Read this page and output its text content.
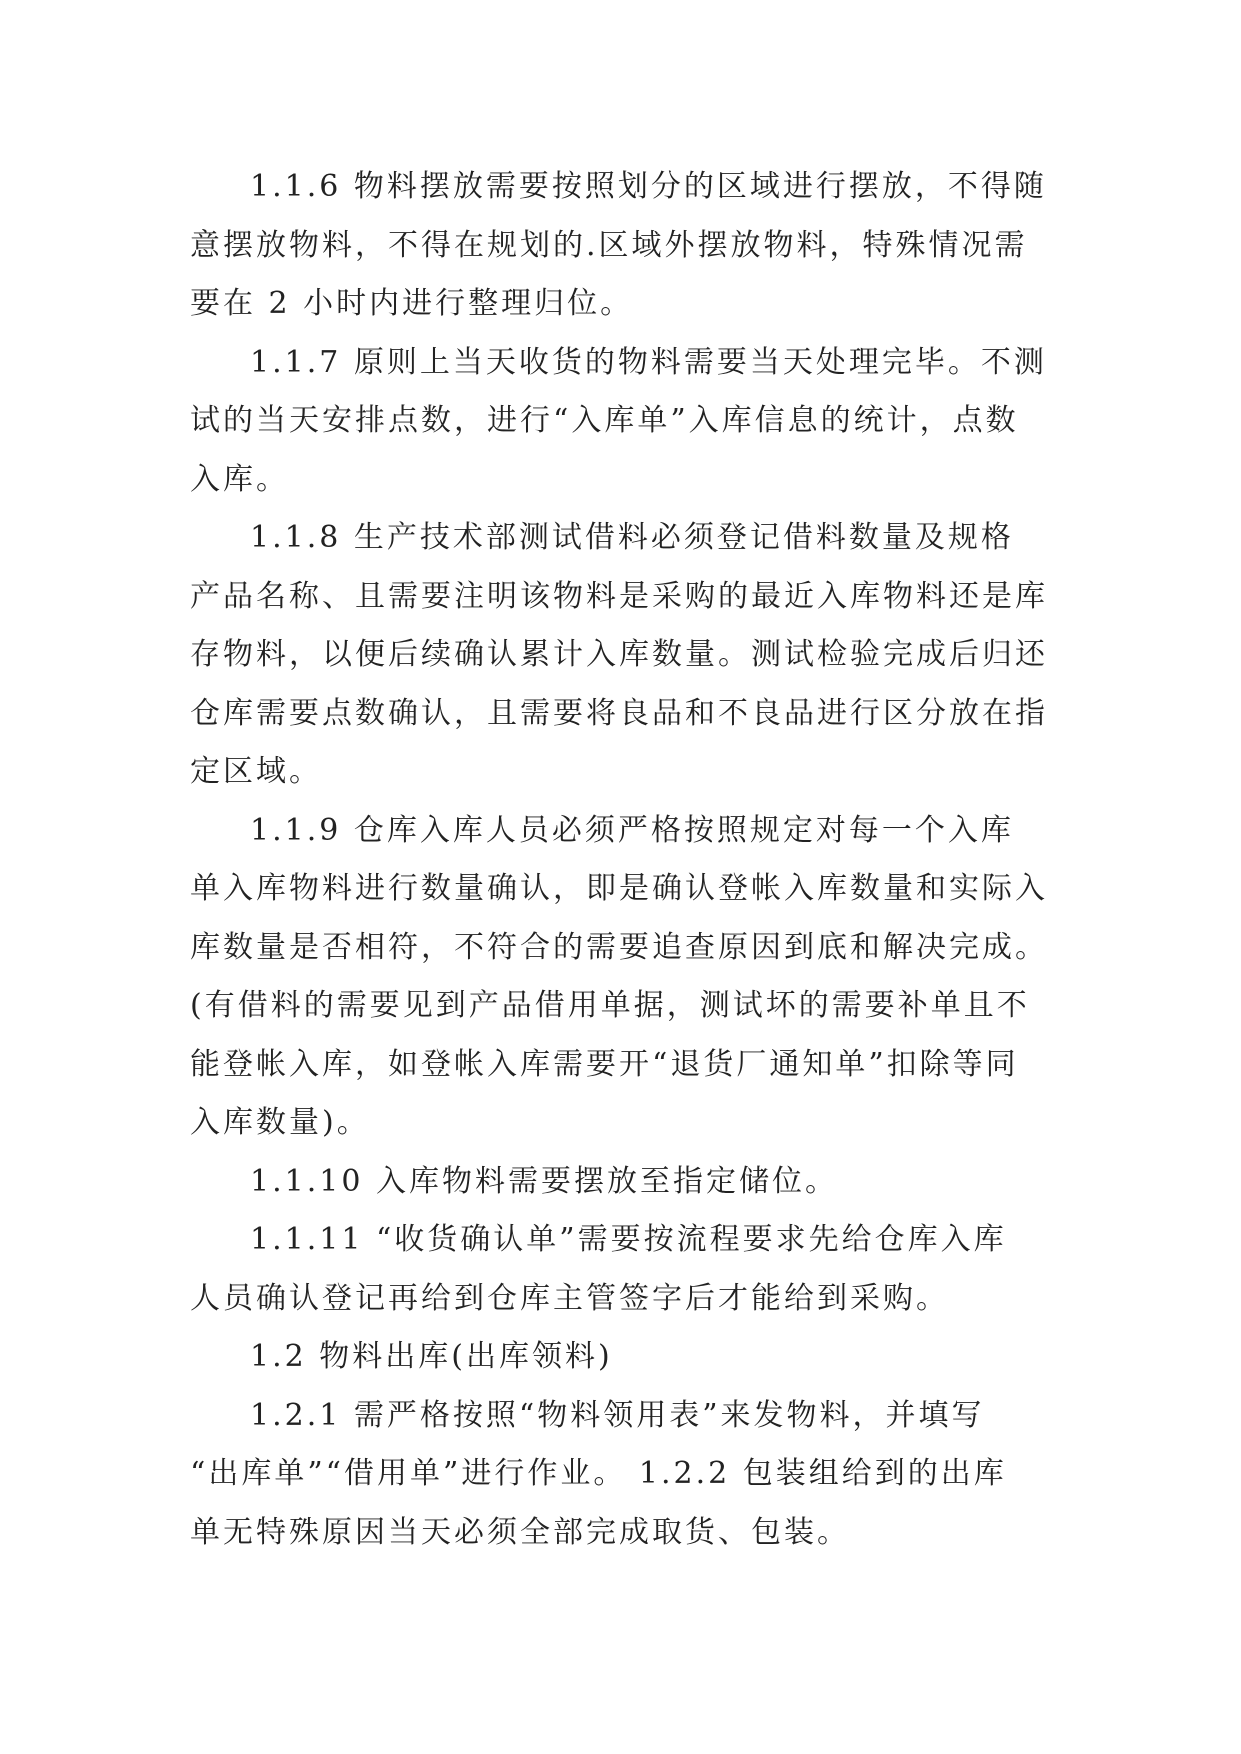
1.1.6 物料摆放需要按照划分的区域进行摆放，不得随
意摆放物料，不得在规划的.区域外摆放物料，特殊情况需
要在 2 小时内进行整理归位。

1.1.7 原则上当天收货的物料需要当天处理完毕。不测
试的当天安排点数，进行“入库单”入库信息的统计，点数
入库。

1.1.8 生产技术部测试借料必须登记借料数量及规格
产品名称、且需要注明该物料是采购的最近入库物料还是库
存物料，以便后续确认累计入库数量。测试检验完成后归还
仓库需要点数确认，且需要将良品和不良品进行区分放在指
定区域。

1.1.9 仓库入库人员必须严格按照规定对每一个入库
单入库物料进行数量确认，即是确认登帐入库数量和实际入
库数量是否相符，不符合的需要追查原因到底和解决完成。
(有借料的需要见到产品借用单据，测试坏的需要补单且不
能登帐入库，如登帐入库需要开“退货厂通知单”扣除等同
入库数量)。

1.1.10 入库物料需要摆放至指定储位。

1.1.11 “收货确认单”需要按流程要求先给仓库入库
人员确认登记再给到仓库主管签字后才能给到采购。

1.2 物料出库(出库领料)

1.2.1 需严格按照“物料领用表”来发物料，并填写
“出库单”“借用单”进行作业。 1.2.2 包装组给到的出库
单无特殊原因当天必须全部完成取货、包装。
